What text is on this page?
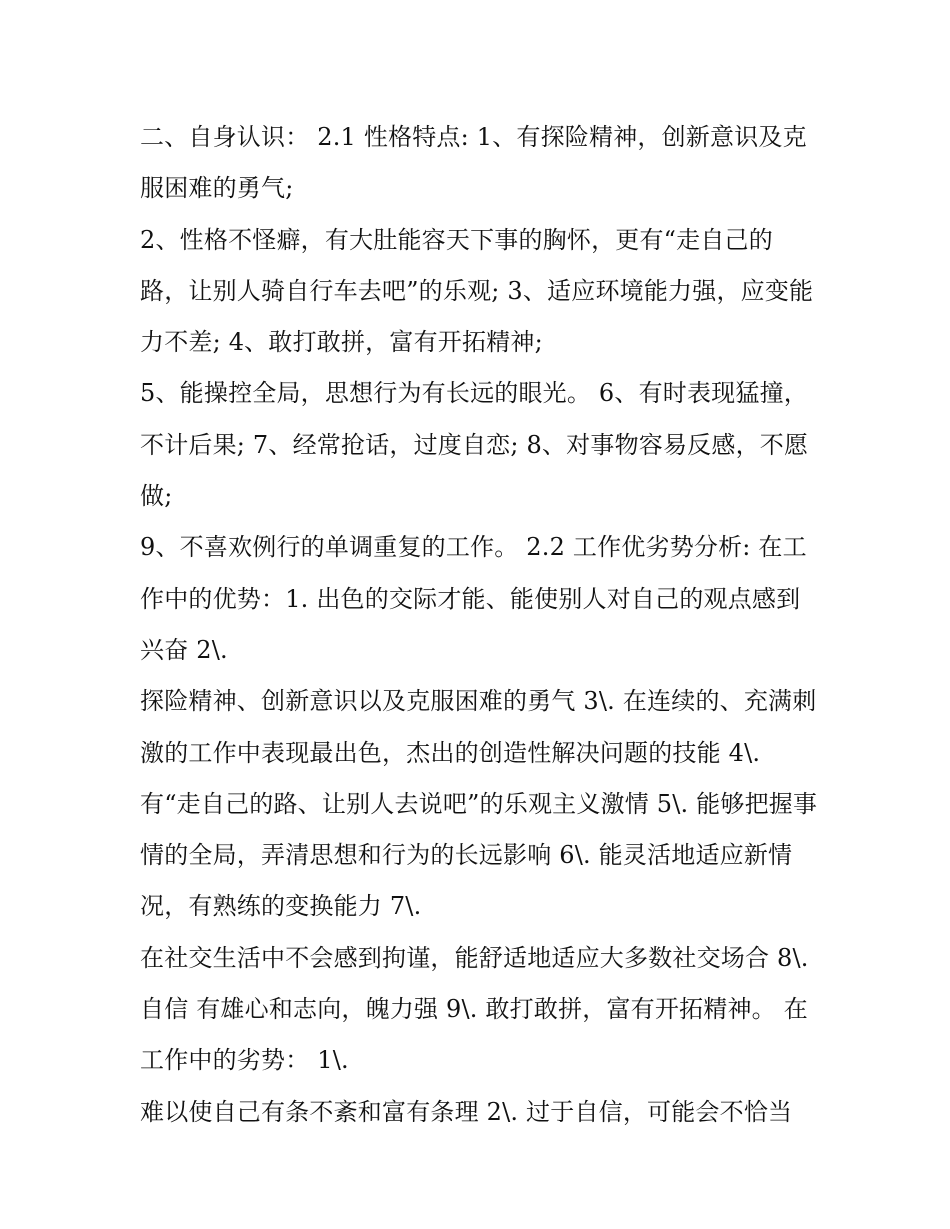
二、自身认识： 2.1 性格特点: 1、有探险精神，创新意识及克服困难的勇气;

2、性格不怪癖，有大肚能容天下事的胸怀，更有“走自己的路，让别人骑自行车去吧”的乐观; 3、适应环境能力强，应变能力不差; 4、敢打敢拼，富有开拓精神;

5、能操控全局，思想行为有长远的眼光。 6、有时表现猛撞，不计后果; 7、经常抢话，过度自恋; 8、对事物容易反感，不愿做;

9、不喜欢例行的单调重复的工作。 2.2 工作优劣势分析: 在工作中的优势：1. 出色的交际才能、能使别人对自己的观点感到兴奋 2\.

探险精神、创新意识以及克服困难的勇气 3\. 在连续的、充满刺激的工作中表现最出色，杰出的创造性解决问题的技能 4\. 有“走自己的路、让别人去说吧”的乐观主义激情 5\. 能够把握事情的全局，弄清思想和行为的长远影响 6\. 能灵活地适应新情况，有熟练的变换能力 7\.

在社交生活中不会感到拘谨，能舒适地适应大多数社交场合 8\. 自信 有雄心和志向，魄力强 9\. 敢打敢拼，富有开拓精神。 在工作中的劣势： 1\.

难以使自己有条不紊和富有条理 2\. 过于自信，可能会不恰当
